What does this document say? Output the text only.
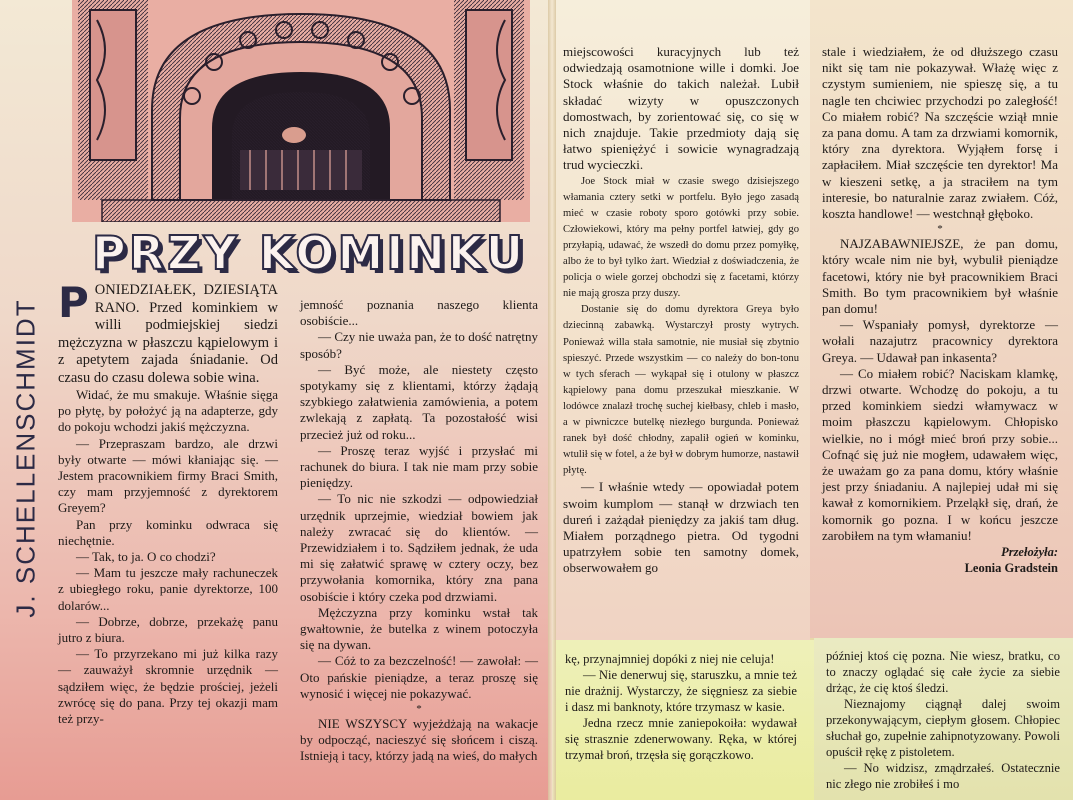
J. SCHELLENSCHMIDT
PRZY KOMINKU

PONIEDZIAŁEK, DZIESIĄTA RANO. Przed kominkiem w willi podmiejskiej siedzi mężczyzna w płaszczu kąpielowym i z apetytem zajada śniadanie. Od czasu do czasu dolewa sobie wina.

Widać, że mu smakuje. Właśnie sięga po płytę, by położyć ją na adapterze, gdy do pokoju wchodzi jakiś mężczyzna.

— Przepraszam bardzo, ale drzwi były otwarte — mówi kłaniając się. — Jestem pracownikiem firmy Braci Smith, czy mam przyjemność z dyrektorem Greyem?

Pan przy kominku odwraca się niechętnie.

— Tak, to ja. O co chodzi?

— Mam tu jeszcze mały rachuneczek z ubiegłego roku, panie dyrektorze, 100 dolarów...

— Dobrze, dobrze, przekażę panu jutro z biura.

— To przyrzekano mi już kilka razy — zauważył skromnie urzędnik — sądziłem więc, że będzie prościej, jeżeli zwrócę się do pana. Przy tej okazji mam też przy-

jemność poznania naszego klienta osobiście...

— Czy nie uważa pan, że to dość natrętny sposób?

— Być może, ale niestety często spotykamy się z klientami, którzy żądają szybkiego załatwienia zamówienia, a potem zwlekają z zapłatą. Ta pozostałość wisi przecież już od roku...

— Proszę teraz wyjść i przysłać mi rachunek do biura. I tak nie mam przy sobie pieniędzy.

— To nic nie szkodzi — odpowiedział urzędnik uprzejmie, wiedział bowiem jak należy zwracać się do klientów. — Przewidziałem i to. Sądziłem jednak, że uda mi się załatwić sprawę w cztery oczy, bez przywołania komornika, który zna pana osobiście i który czeka pod drzwiami.

Mężczyzna przy kominku wstał tak gwałtownie, że butelka z winem potoczyła się na dywan.

— Cóż to za bezczelność! — zawołał: — Oto pańskie pieniądze, a teraz proszę się wynosić i więcej nie pokazywać.

*

NIE WSZYSCY wyjeżdżają na wakacje by odpocząć, nacieszyć się słońcem i ciszą. Istnieją i tacy, którzy jadą na wieś, do małych

miejscowości kuracyjnych lub też odwiedzają osamotnione wille i domki. Joe Stock właśnie do takich należał. Lubił składać wizyty w opuszczonych domostwach, by zorientować się, co się w nich znajduje. Takie przedmioty dają się łatwo spieniężyć i sowicie wynagradzają trud wycieczki.

Joe Stock miał w czasie swego dzisiejszego włamania cztery setki w portfelu. Było jego zasadą mieć w czasie roboty sporo gotówki przy sobie. Człowiekowi, który ma pełny portfel łatwiej, gdy go przyłapią, udawać, że wszedł do domu przez pomyłkę, albo że to był tylko żart. Wiedział z doświadczenia, że policja o wiele gorzej obchodzi się z facetami, którzy nie mają grosza przy duszy.

Dostanie się do domu dyrektora Greya było dziecinną zabawką. Wystarczył prosty wytrych. Ponieważ willa stała samotnie, nie musiał się zbytnio spieszyć. Przede wszystkim — co należy do bon-tonu w tych sferach — wykąpał się i otulony w płaszcz kąpielowy pana domu przeszukał mieszkanie. W lodówce znalazł trochę suchej kiełbasy, chleb i masło, a w piwniczce butelkę niezłego burgunda. Ponieważ ranek był dość chłodny, zapalił ogień w kominku, wtulił się w fotel, a że był w dobrym humorze, nastawił płytę.

— I właśnie wtedy — opowiadał potem swoim kumplom — stanął w drzwiach ten dureń i zażądał pieniędzy za jakiś tam dług. Miałem porządnego pietra. Od tygodni upatrzyłem sobie ten samotny domek, obserwowałem go

stale i wiedziałem, że od dłuższego czasu nikt się tam nie pokazywał. Włażę więc z czystym sumieniem, nie spieszę się, a tu nagle ten chciwiec przychodzi po zaległość! Co miałem robić? Na szczęście wziął mnie za pana domu. A tam za drzwiami komornik, który zna dyrektora. Wyjąłem forsę i zapłaciłem. Miał szczęście ten dyrektor! Ma w kieszeni setkę, a ja straciłem na tym interesie, bo naturalnie zaraz zwiałem. Cóż, koszta handlowe! — westchnął głęboko.

*

NAJZABAWNIEJSZE, że pan domu, który wcale nim nie był, wybulił pieniądze facetowi, który nie był pracownikiem Braci Smith. Bo tym pracownikiem był właśnie pan domu!

— Wspaniały pomysł, dyrektorze — wołali nazajutrz pracownicy dyrektora Greya. — Udawał pan inkasenta?

— Co miałem robić? Naciskam klamkę, drzwi otwarte. Wchodzę do pokoju, a tu przed kominkiem siedzi włamywacz w moim płaszczu kąpielowym. Chłopisko wielkie, no i mógł mieć broń przy sobie... Cofnąć się już nie mogłem, udawałem więc, że uważam go za pana domu, który właśnie jest przy śniadaniu. A najlepiej udał mi się kawał z komornikiem. Przeląkł się, drań, że komornik go pozna. I w końcu jeszcze zarobiłem na tym włamaniu!

Przełożyła:

Leonia Gradstein

kę, przynajmniej dopóki z niej nie celuja!

— Nie denerwuj się, staruszku, a mnie też nie drażnij. Wystarczy, że sięgniesz za siebie i dasz mi banknoty, które trzymasz w kasie.

Jedna rzecz mnie zaniepokoiła: wydawał się strasznie zdenerwowany. Ręka, w której trzymał broń, trzęsła się gorączkowo.

później ktoś cię pozna. Nie wiesz, bratku, co to znaczy oglądać się całe życie za siebie drżąc, że cię ktoś śledzi.

Nieznajomy ciągnął dalej swoim przekonywającym, ciepłym głosem. Chłopiec słuchał go, zupełnie zahipnotyzowany. Powoli opuścił rękę z pistoletem.

— No widzisz, zmądrzałeś. Ostatecznie nic złego nie zrobiłeś i mo
